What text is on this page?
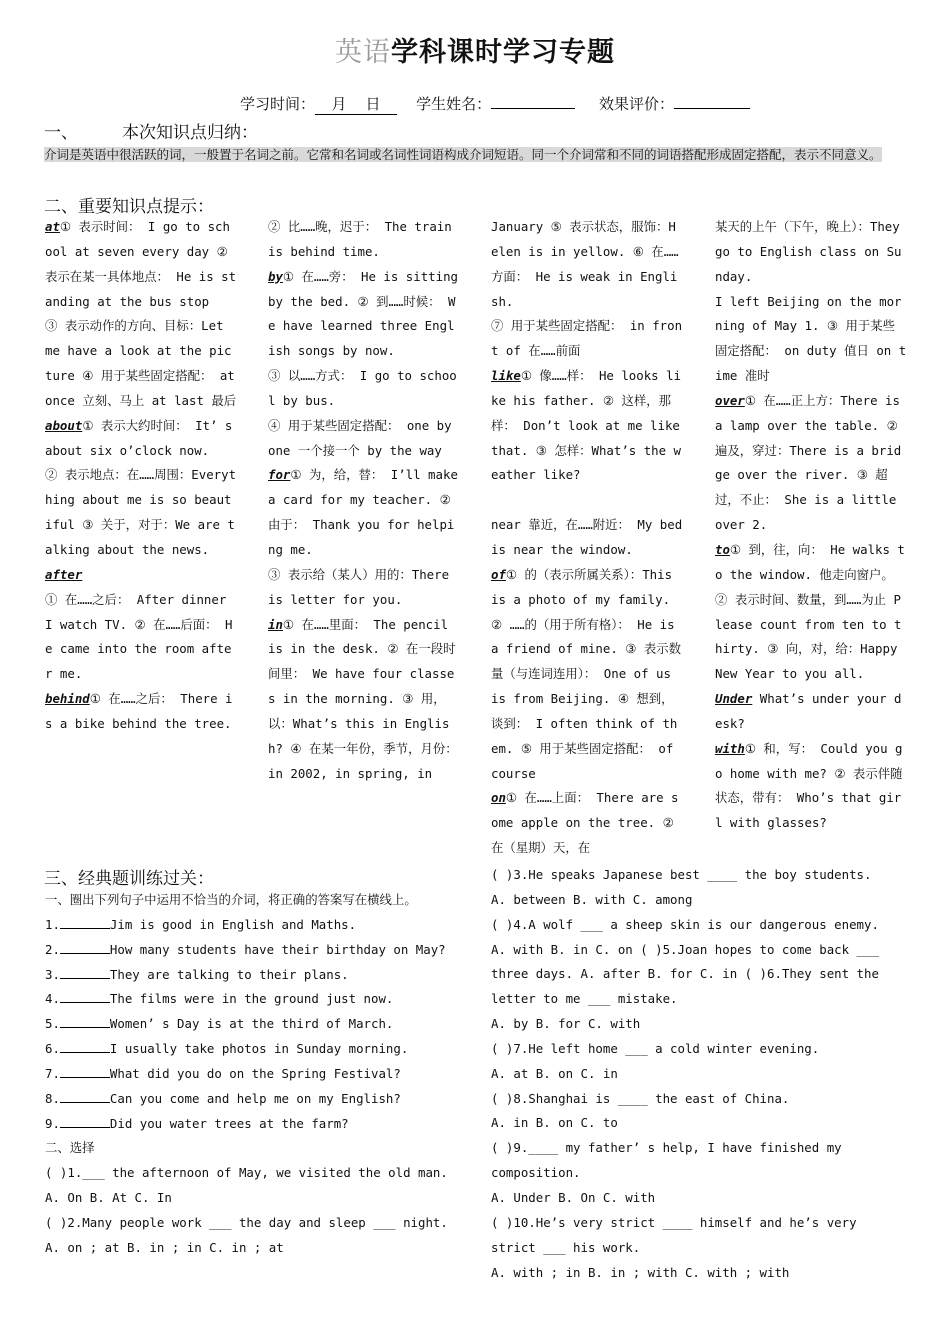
英语学科课时学习专题
学习时间： 月 日 学生姓名：	效果评价：
一、	本次知识点归纳：
介词是英语中很活跃的词，一般置于名词之前。它常和名词或名词性词语构成介词短语。同一个介词常和不同的词语搭配形成固定搭配，表示不同意义。
二、重要知识点提示：

at① 表示时间： I go to school at seven every day ② 表示在某一具体地点： He is standing at the bus stop

③ 表示动作的方向、目标：Let me have a look at the picture ④ 用于某些固定搭配： at once 立刻、马上 at last 最后

about① 表示大约时间： It’ s about six o’clock now.

② 表示地点：在……周围：Everything about me is so beautiful ③ 关于，对于：We are talking about the news.

after

① 在……之后： After dinner I watch TV. ② 在……后面： He came into the room after me.

behind① 在……之后： There is a bike behind the tree.

② 比……晚，迟于： The train is behind time.

by① 在……旁： He is sitting by the bed. ② 到……时候： We have learned three English songs by now.

③ 以……方式： I go to school by bus.

④ 用于某些固定搭配： one by one 一个接一个 by the way

for① 为，给，替： I’ll make a card for my teacher. ② 由于： Thank you for helping me.

③ 表示给（某人）用的：There is letter for you.

in① 在……里面： The pencil is in the desk. ② 在一段时间里： We have four classes in the morning. ③ 用，以：What’s this in English? ④ 在某一年份，季节，月份：in 2002, in spring, in

January ⑤ 表示状态，服饰：Helen is in yellow. ⑥ 在……方面： He is weak in English.

⑦ 用于某些固定搭配： in front of 在……前面

like① 像……样： He looks like his father. ② 这样，那样： Don’t look at me like that. ③ 怎样：What’s the weather like?

near 靠近，在……附近： My bed is near the window.

of① 的（表示所属关系）：This is a photo of my family. ② ……的（用于所有格）： He is a friend of mine. ③ 表示数量（与连词连用）： One of us is from Beijing. ④ 想到，谈到： I often think of them. ⑤ 用于某些固定搭配： of course

on① 在……上面： There are some apple on the tree. ② 在（星期）天，在

某天的上午（下午，晚上）：They go to English class on Sunday.

I left Beijing on the morning of May 1. ③ 用于某些固定搭配： on duty 值日 on time 准时

over① 在……正上方：There is a lamp over the table. ② 遍及，穿过：There is a bridge over the river. ③ 超过，不止： She is a little over 2.

to① 到，往，向： He walks to the window. 他走向窗户。 ② 表示时间、数量，到……为止 Please count from ten to thirty. ③ 向，对，给：Happy New Year to you all.

Under What’s under your desk?

with① 和，写： Could you go home with me? ② 表示伴随状态，带有： Who’s that girl with glasses?

三、经典题训练过关：

一、圈出下列句子中运用不恰当的介词，将正确的答案写在横线上。

1.	Jim is good in English and Maths.

2.	How many students have their birthday on May?

3.	They are talking to their plans.

4.	The films were in the ground just now.

5.	Women’ s Day is at the third of March.

6.	I usually take photos in Sunday morning.

7.	What did you do on the Spring Festival?

8.	Can you come and help me on my English?

9.	Did you water trees at the farm?

二、选择

( )1.___ the afternoon of May, we visited the old man.

A. On B. At C. In

( )2.Many people work ___ the day and sleep ___ night.

A. on ; at B. in ; in C. in ; at

( )3.He speaks Japanese best ____ the boy students.

A. between B. with C. among

( )4.A wolf ___ a sheep skin is our dangerous enemy.

A. with B. in C. on ( )5.Joan hopes to come back ___

three days. A. after B. for C. in ( )6.They sent the

letter to me ___ mistake.

A. by B. for C. with

( )7.He left home ___ a cold winter evening.

A. at B. on C. in

( )8.Shanghai is ____ the east of China.

A. in B. on C. to

( )9.____ my father’ s help, I have finished my

composition.

A. Under B. On C. with

( )10.He’s very strict ____ himself and he’s very

strict ___ his work.

A. with ; in B. in ; with C. with ; with
